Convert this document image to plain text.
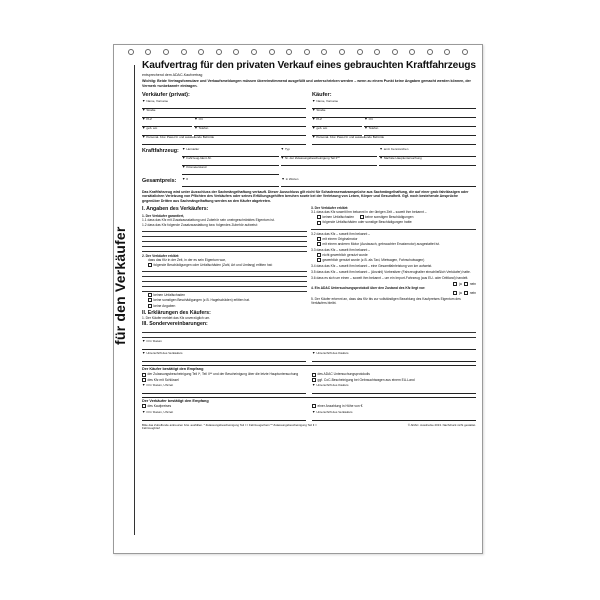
für den Verkäufer
Kaufvertrag für den privaten Verkauf eines gebrauchten Kraftfahrzeugs
entsprechend dem ADAC-Kaufvertrag
Wichtig: Beide Vertragsformulare und Verkaufsmeldungen müssen übereinstimmend ausgefüllt und unterschrieben werden – wenn zu einem Punkt keine Angaben gemacht werden können, der Vermerk »unbekannt« eintragen.
Verkäufer (privat):
▼ Name, Vorname
▼ Straße
▼ PLZ	▼ Ort
▼ geb. am	▼ Telefon
▼ Personal- bzw. Pass-Nr. und ausstellende Behörde
Käufer:
▼ Name, Vorname
▼ Straße
▼ PLZ	▼ Ort
▼ geb. am	▼ Telefon
▼ Personal- bzw. Pass-Nr. und ausstellende Behörde
Kraftfahrzeug: ▼ Hersteller	▼ Typ	▼ amtl. Kennzeichen
▼ Fahrzeug-Ident-Nr.	▼ Nr. der Zulassungsbescheinigung Teil II**	▼ Nächste Hauptuntersuchung
▼ Kilometerstand
Gesamtpreis:	▼ €	▼ in Worten
Das Kraftfahrzeug wird unter Ausschluss der Sachmängelhaftung verkauft. Dieser Ausschluss gilt nicht für Schadensersatzansprüche aus Sachmängelhaftung, die auf einer grob fahrlässigen oder vorsätzlichen Verletzung von Pflichten des Verkäufers oder seines Erfüllungsgehilfen beruhen sowie bei der Verletzung von Leben, Körper und Gesundheit. Ggf. noch bestehende Ansprüche gegenüber Dritten aus Sachmängelhaftung werden an den Käufer abgetreten.
I. Angaben des Verkäufers:
1. Der Verkäufer garantiert,
1.1 dass das Kfz mit Zusatzausstattung und Zubehör sein uneingeschränktes Eigentum ist.
1.2 dass das Kfz folgende Zusatzausstattung bzw. folgendes Zubehör aufweist:
2. Der Verkäufer erklärt:
dass das Kfz in der Zeit, in der es sein Eigentum war,
folgende Beschädigungen oder Unfallschäden (Zahl, Art und Umfang) erlitten hat:
keinen Unfallschaden
keine sonstigen Beschädigungen (z.B. Hagelschäden) erlitten hat.
keine Angaben
II. Erklärungen des Käufers:
1. Der Käufer meldet das Kfz unverzüglich um.
III. Sondervereinbarungen:
3. Der Verkäufer erklärt:
3.1 dass das Kfz soweit ihm bekannt in der übrigen Zeit – soweit ihm bekannt –
keinen Unfallschaden	keine sonstigen Beschädigungen
folgende Unfallschäden oder sonstige Beschädigungen hatte:
3.2 dass das Kfz – soweit ihm bekannt –
mit einem Originalmotor
mit einem anderen Motor (Austausch, gebrauchter Ersatzmotor) ausgestattet ist.
3.3 dass das Kfz – soweit ihm bekannt –
nicht gewerblich genutzt wurde
gewerblich genutzt wurde (z.B. als Taxi, Mietwagen, Fahrschulwagen)
3.4 dass das Kfz – soweit ihm bekannt – eine Gesamtfahrleistung von km aufweist.
3.5 dass das Kfz – soweit ihm bekannt – (Anzahl) Vorbesitzer (Fahrzeughalter einschließlich Verkäufer) hatte.
3.6 dass es sich um einen – soweit ihm bekannt – um ein Import-Fahrzeug (aus EU- oder Drittland) handelt.
ja nein
4. Ein ADAC Untersuchungsprotokoll über den Zustand des Kfz liegt vor:
ja nein
5. Der Käufer erkennt an, dass das Kfz bis zur vollständigen Bezahlung des Kaufpreises Eigentum des Verkäufers bleibt.
▼ Ort / Datum
▼ Unterschrift des Verkäufers	▼ Unterschrift des Käufers
Der Käufer bestätigt den Empfang
der Zulassungsbescheinigung Teil I*, Teil II** und der Bescheinigung über die letzte Hauptuntersuchung
des Kfz mit Schlüssel
des ADAC Untersuchungsprotokolls
ggf. CoC-Bescheinigung bei Gebrauchtwagen aus einem EU-Land
▼ Ort / Datum, Uhrzeit	▼ Unterschrift des Käufers
Der Verkäufer bestätigt den Empfang
des Kaufpreises	einer Anzahlung in Höhe von €
▼ Ort / Datum, Uhrzeit	▼ Unterschrift des Verkäufers
Bitte das Zutreffende ankreuzen bzw. ausfüllen. * Zulassungsbescheinigung Teil I = Fahrzeugschein ** Zulassungsbescheinigung Teil II = Fahrzeugbrief
© ADAC. Ausdrucke 2013. Nachdruck nicht gestattet.
